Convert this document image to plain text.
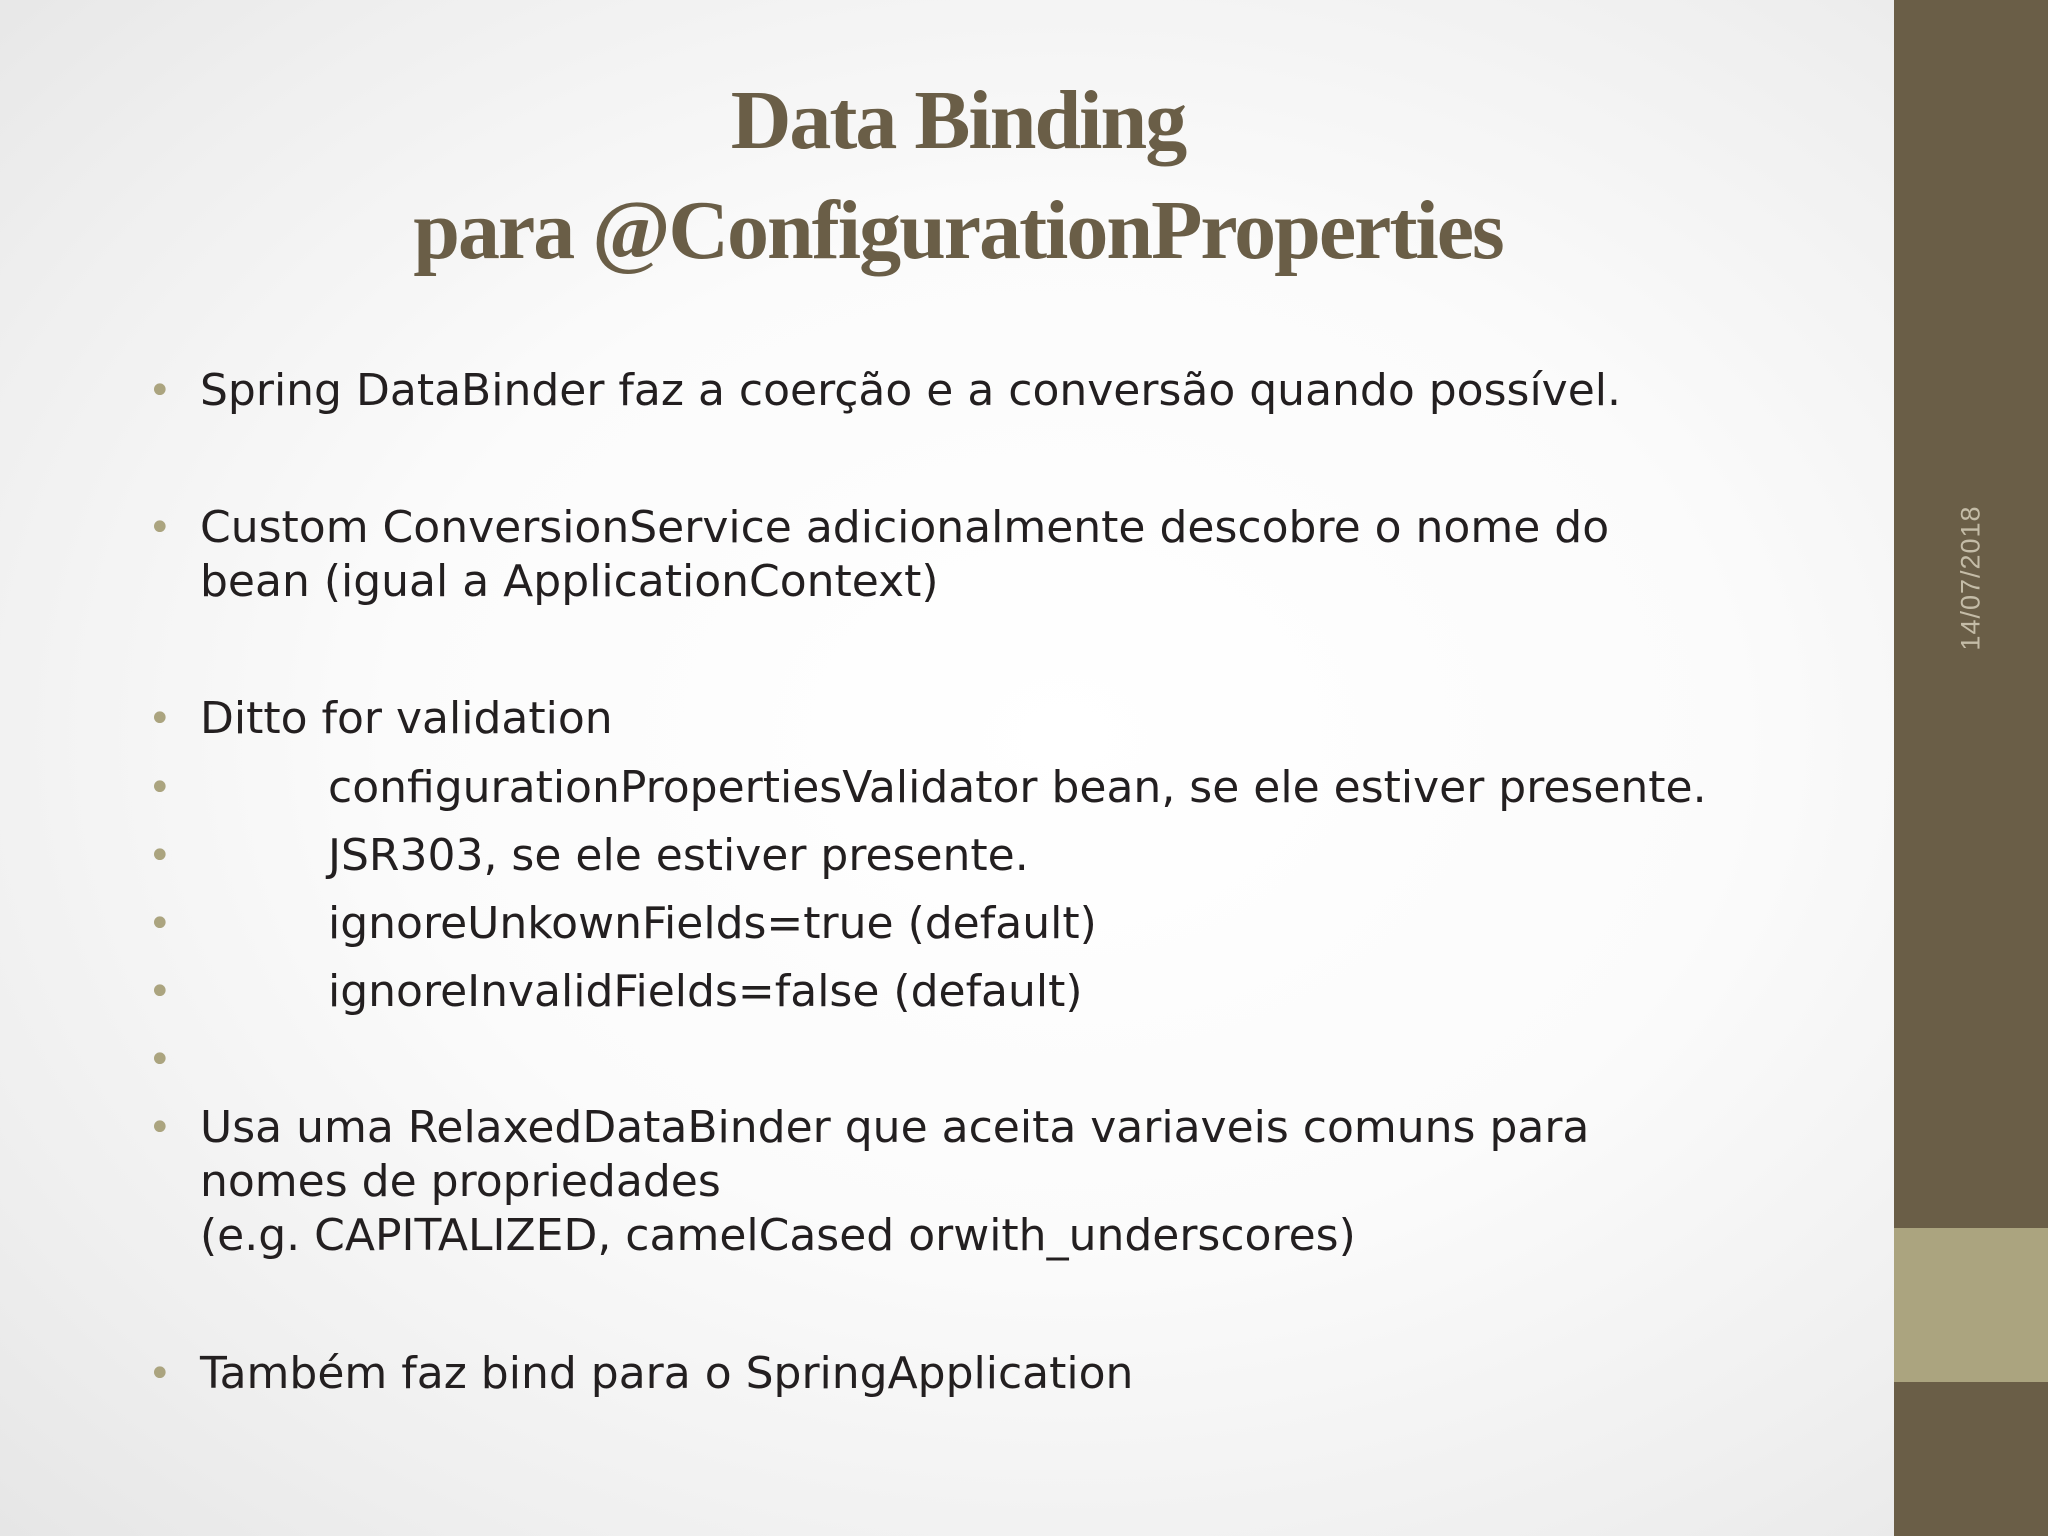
Data Binding
para @ConfigurationProperties
• Spring DataBinder faz a coerção e a conversão quando possível.
• Custom ConversionService adicionalmente descobre o nome do
bean (igual a ApplicationContext)
• Ditto for validation
•	configurationPropertiesValidator bean, se ele estiver presente.
•	JSR303, se ele estiver presente.
•	ignoreUnkownFields=true (default)
•	ignoreInvalidFields=false (default)
•
• Usa uma RelaxedDataBinder que aceita variaveis comuns para
nomes de propriedades
(e.g. CAPITALIZED, camelCased orwith_underscores)
• Também faz bind para o SpringApplication
14/07/2018
